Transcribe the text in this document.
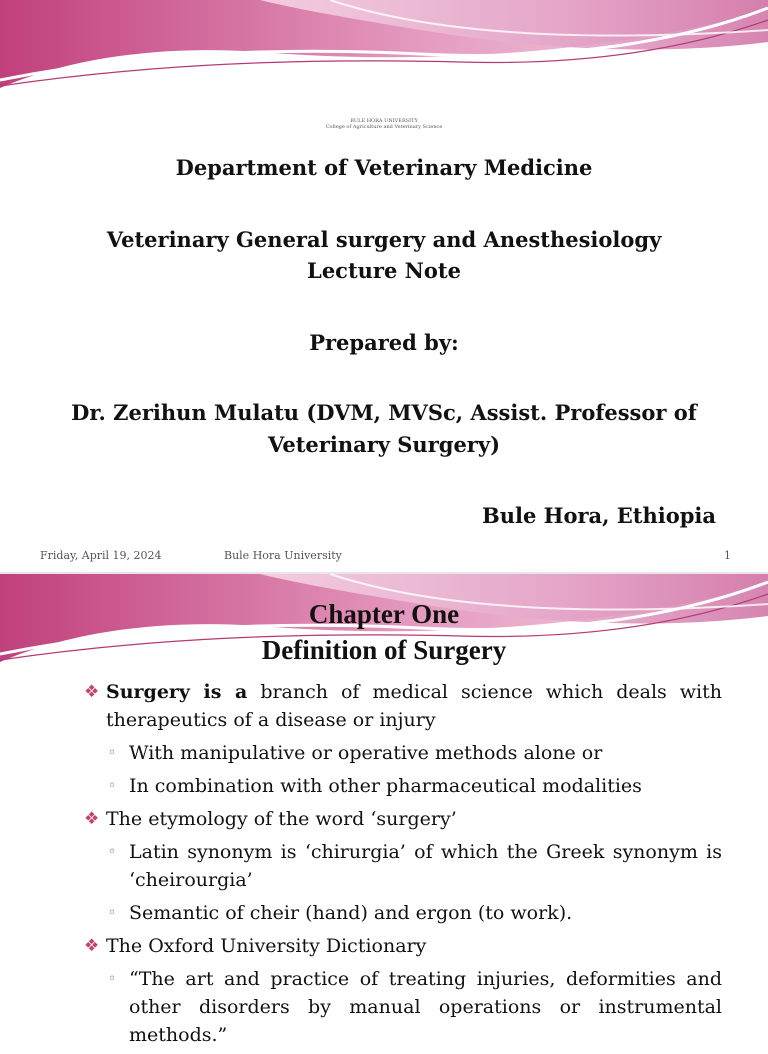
BULE HORA UNIVERSITY
College of Agriculture and Veterinary Science
Department of Veterinary Medicine
Veterinary General surgery and Anesthesiology
Lecture Note
Prepared by:
Dr. Zerihun Mulatu (DVM, MVSc, Assist. Professor of
Veterinary Surgery)
Bule Hora, Ethiopia
Friday, April 19, 2024	Bule Hora University	1
Chapter One
Definition of Surgery
❖ Surgery is a branch of medical science which deals with therapeutics of a disease or injury
◦ With manipulative or operative methods alone or
◦ In combination with other pharmaceutical modalities
❖ The etymology of the word ‘surgery’
◦ Latin synonym is ‘chirurgia’ of which the Greek synonym is ‘cheirourgia’
◦ Semantic of cheir (hand) and ergon (to work).
❖ The Oxford University Dictionary
◦ “The art and practice of treating injuries, deformities and other disorders by manual operations or instrumental methods.”
